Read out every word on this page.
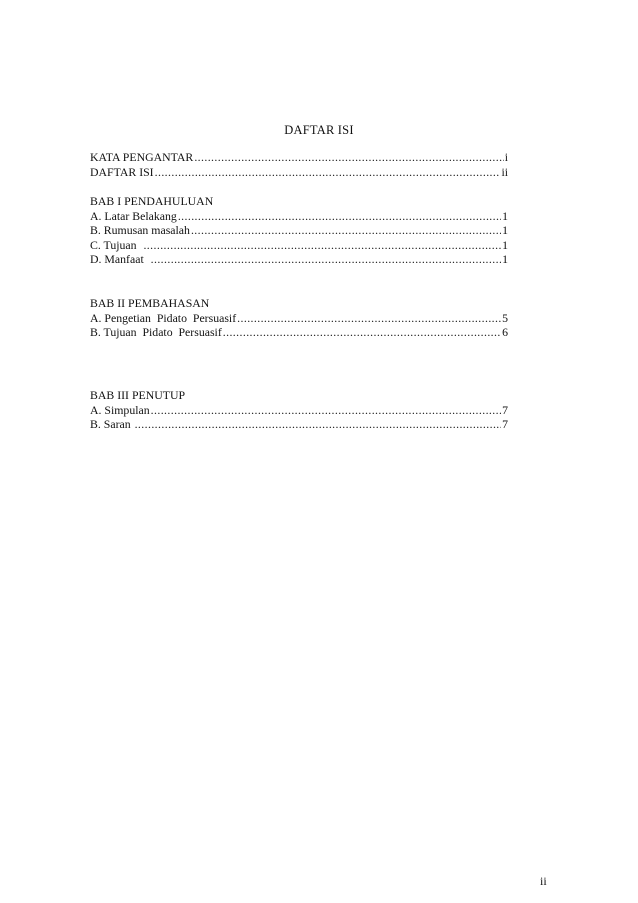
DAFTAR ISI
KATA PENGANTAR .....	i
DAFTAR ISI .....	ii
BAB I PENDAHULUAN
A. Latar Belakang .....	1
B. Rumusan masalah .....	1
C. Tujuan .....	1
D. Manfaat .....	1
BAB II PEMBAHASAN
A. Pengetian  Pidato  Persuasif .....	5
B. Tujuan  Pidato  Persuasif .....	6
BAB III PENUTUP
A. Simpulan .....	7
B. Saran .....	7
ii
